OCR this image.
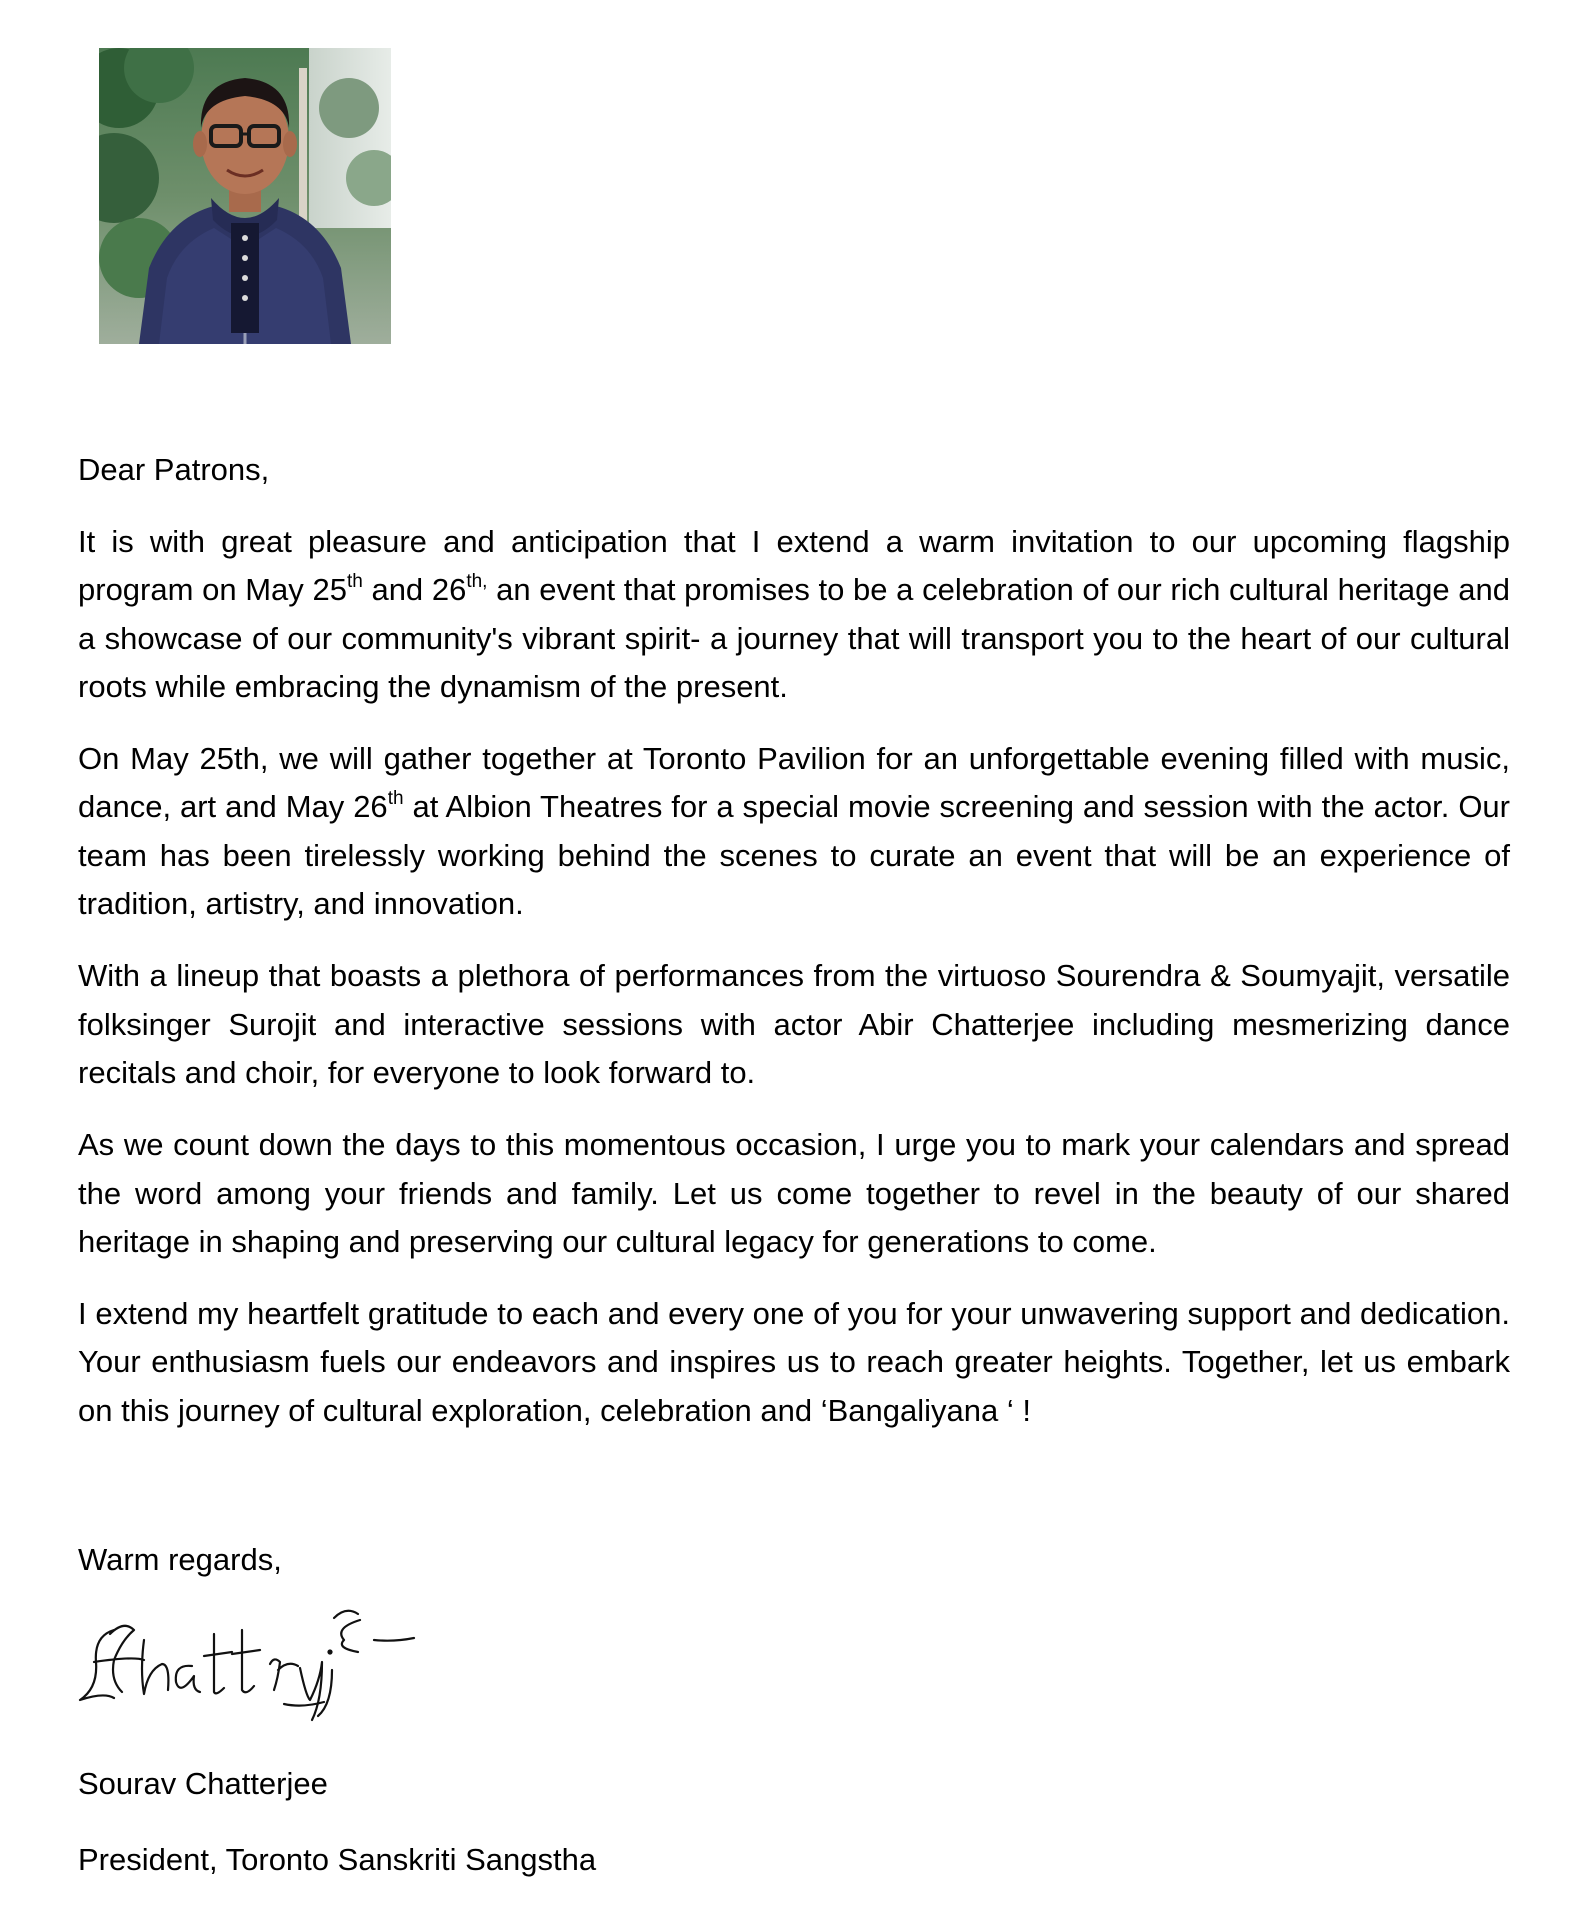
Dear Patrons,

It is with great pleasure and anticipation that I extend a warm invitation to our upcoming flagship program on May 25th and $26^{th,}$ an event that promises to be a celebration of our rich cultural heritage and a showcase of our community's vibrant spirit- a journey that will transport you to the heart of our cultural roots while embracing the dynamism of the present.

On May 25th, we will gather together at Toronto Pavilion for an unforgettable evening filled with music, dance, art and May 26th at Albion Theatres for a special movie screening and session with the actor. Our team has been tirelessly working behind the scenes to curate an event that will be an experience of tradition, artistry, and innovation.

With a lineup that boasts a plethora of performances from the virtuoso Sourendra & Soumyajit, versatile folksinger Surojit and interactive sessions with actor Abir Chatterjee including mesmerizing dance recitals and choir, for everyone to look forward to.

As we count down the days to this momentous occasion, I urge you to mark your calendars and spread the word among your friends and family. Let us come together to revel in the beauty of our shared heritage in shaping and preserving our cultural legacy for generations to come.

I extend my heartfelt gratitude to each and every one of you for your unwavering support and dedication. Your enthusiasm fuels our endeavors and inspires us to reach greater heights. Together, let us embark on this journey of cultural exploration, celebration and ‘Bangaliyana ‘ !

Warm regards,
Sourav Chatterjee
President, Toronto Sanskriti Sangstha
